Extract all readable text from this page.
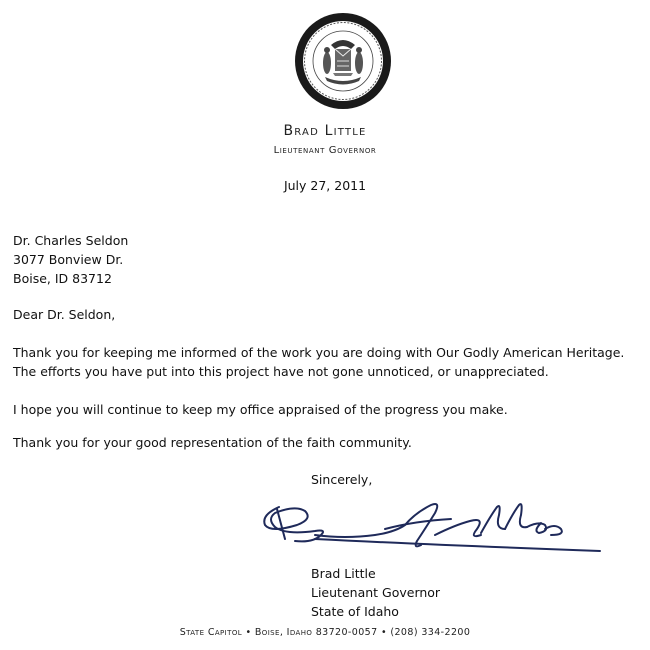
Brad Little
Lieutenant Governor
July 27, 2011
Dr. Charles Seldon
3077 Bonview Dr.
Boise, ID 83712
Dear Dr. Seldon,
Thank you for keeping me informed of the work you are doing with Our Godly American Heritage. The efforts you have put into this project have not gone unnoticed, or unappreciated.
I hope you will continue to keep my office appraised of the progress you make.
Thank you for your good representation of the faith community.
Sincerely,
Brad Little
Lieutenant Governor
State of Idaho
State Capitol • Boise, Idaho 83720-0057 • (208) 334-2200
